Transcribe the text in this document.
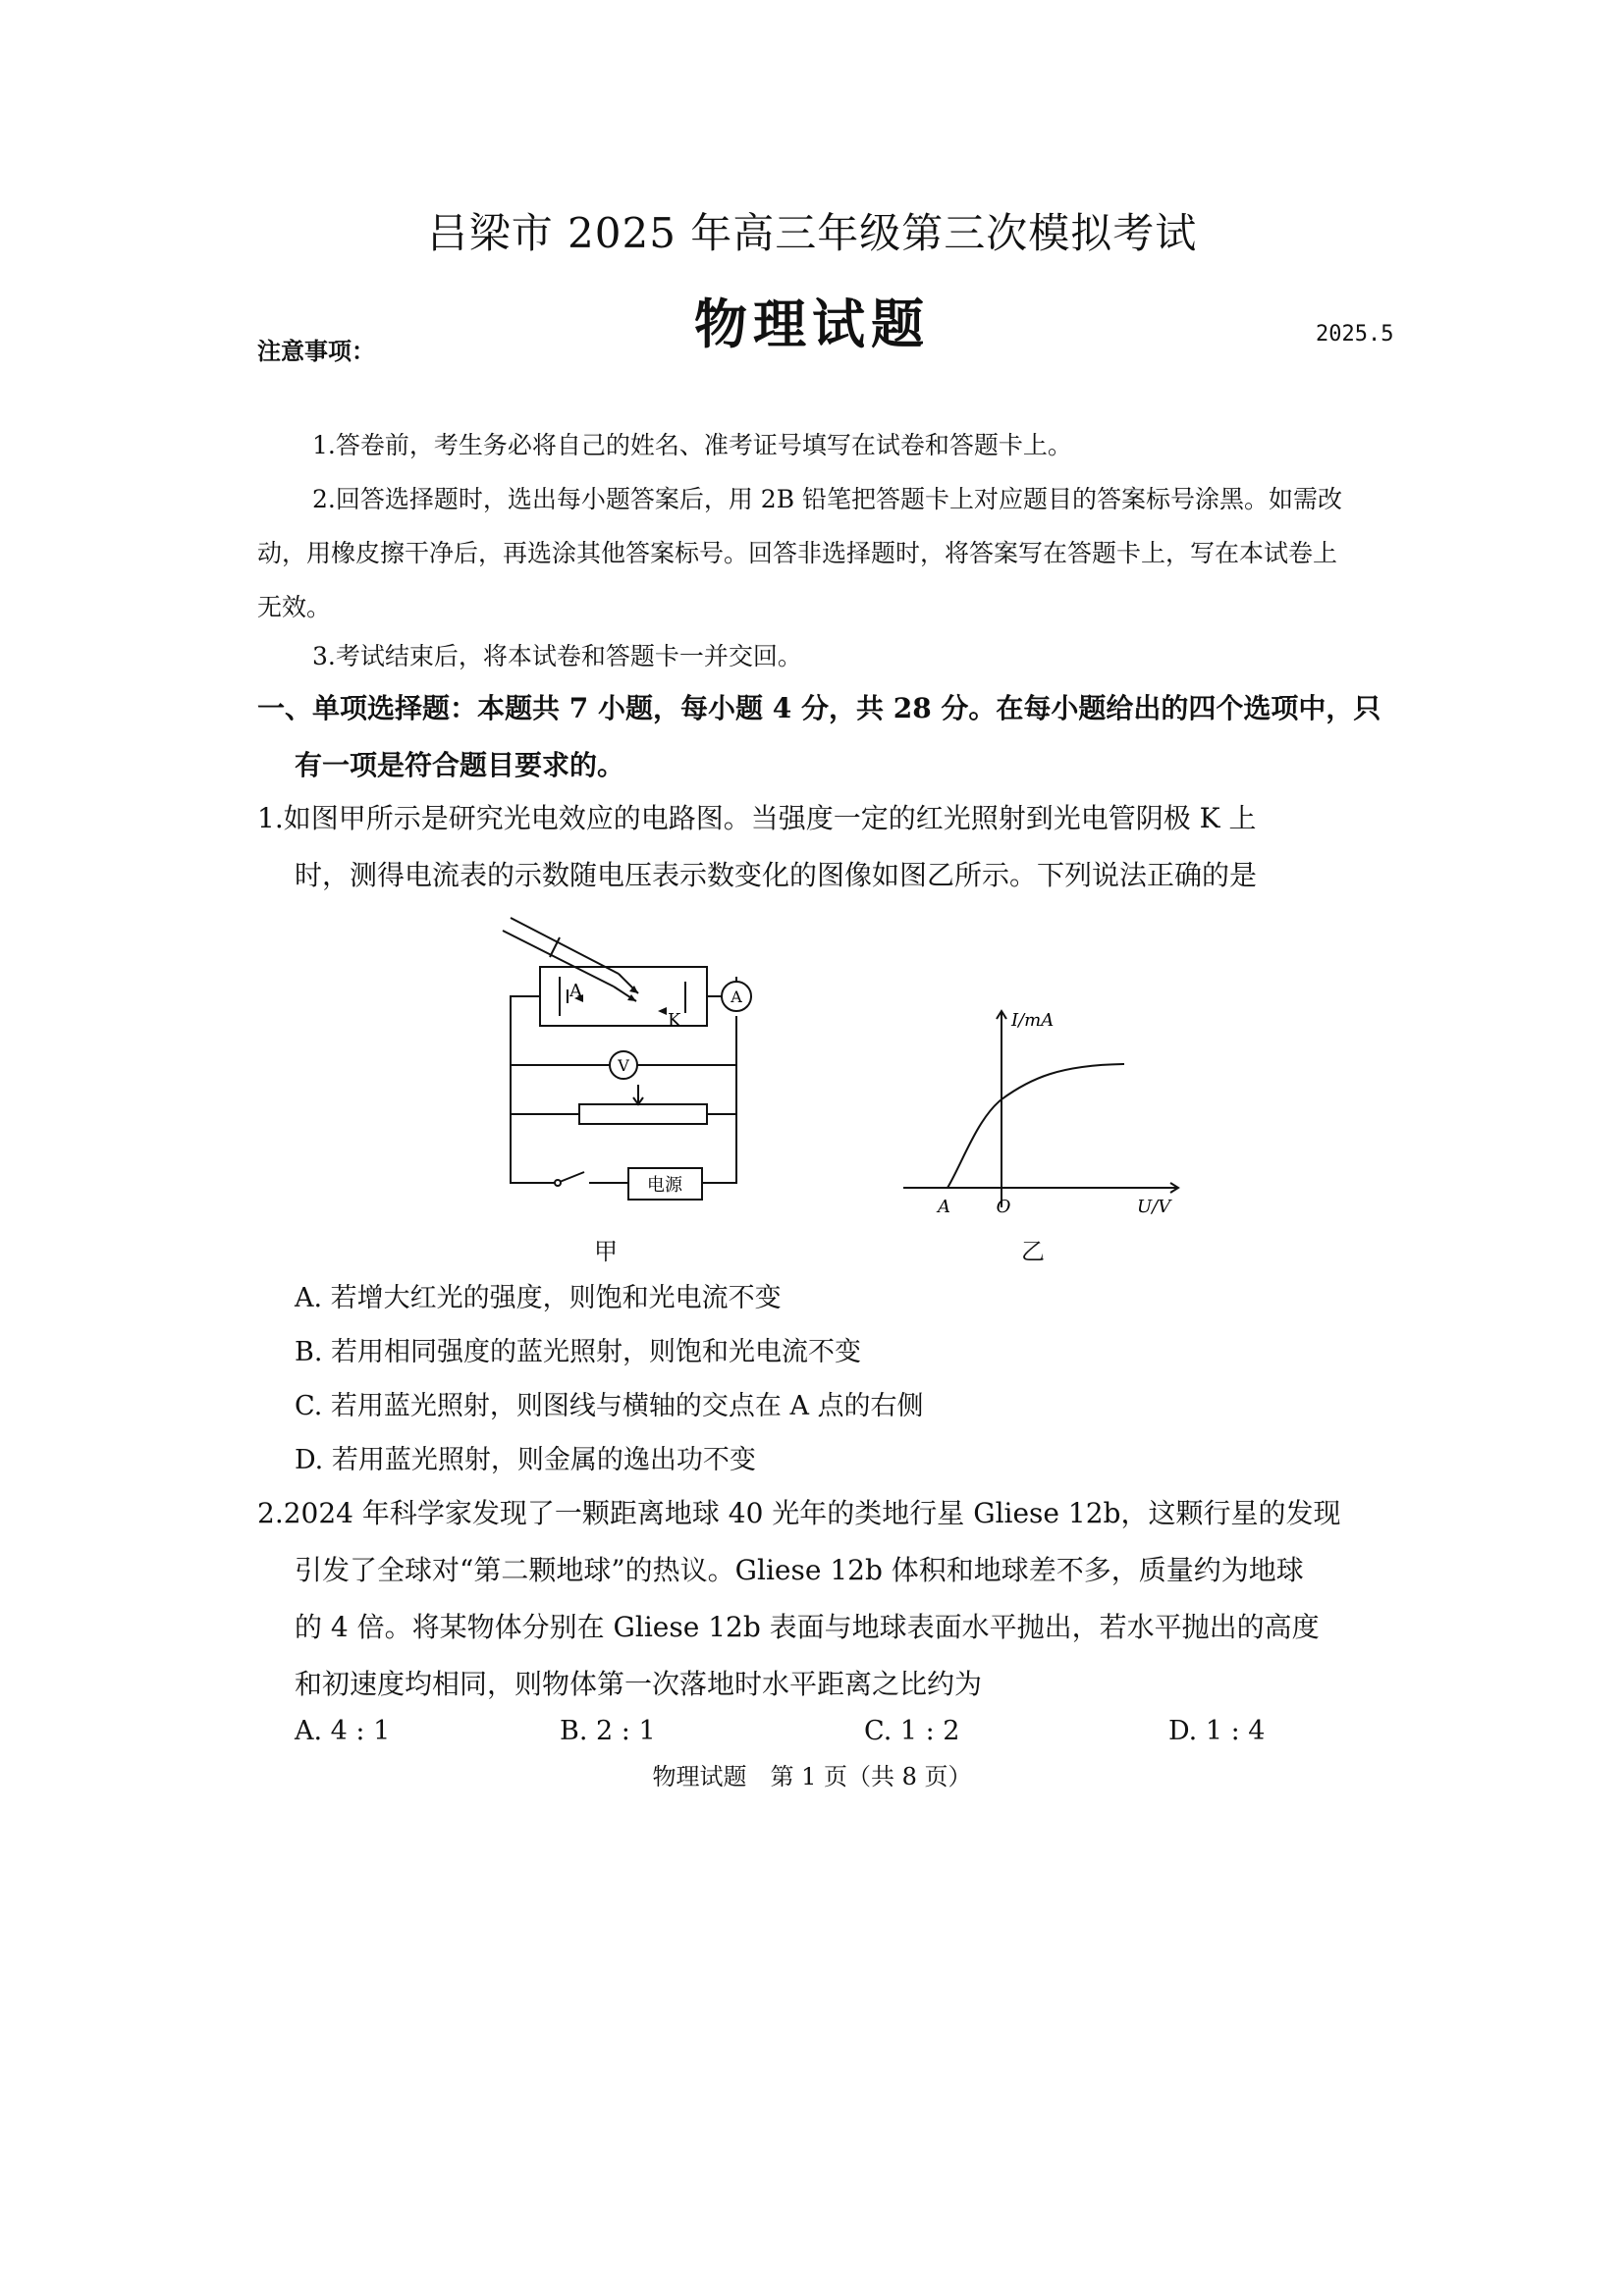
吕梁市 2025 年高三年级第三次模拟考试
物理试题	2025.5
注意事项：
1.答卷前，考生务必将自己的姓名、准考证号填写在试卷和答题卡上。
2.回答选择题时，选出每小题答案后，用 2B 铅笔把答题卡上对应题目的答案标号涂黑。如需改
动，用橡皮擦干净后，再选涂其他答案标号。回答非选择题时，将答案写在答题卡上，写在本试卷上
无效。
3.考试结束后，将本试卷和答题卡一并交回。
一、单项选择题：本题共 7 小题，每小题 4 分，共 28 分。在每小题给出的四个选项中，只
有一项是符合题目要求的。
1.如图甲所示是研究光电效应的电路图。当强度一定的红光照射到光电管阴极 K 上
时，测得电流表的示数随电压表示数变化的图像如图乙所示。下列说法正确的是
A
K
A
V
电源
甲
I/mA
O
A	U/V
乙
A. 若增大红光的强度，则饱和光电流不变
B. 若用相同强度的蓝光照射，则饱和光电流不变
C. 若用蓝光照射，则图线与横轴的交点在 A 点的右侧
D. 若用蓝光照射，则金属的逸出功不变
2.2024 年科学家发现了一颗距离地球 40 光年的类地行星 Gliese 12b，这颗行星的发现
引发了全球对“第二颗地球”的热议。Gliese 12b 体积和地球差不多，质量约为地球
的 4 倍。将某物体分别在 Gliese 12b 表面与地球表面水平抛出，若水平抛出的高度
和初速度均相同，则物体第一次落地时水平距离之比约为
A. 4 : 1	B. 2 : 1	C. 1 : 2	D. 1 : 4
物理试题　第 1 页（共 8 页）
